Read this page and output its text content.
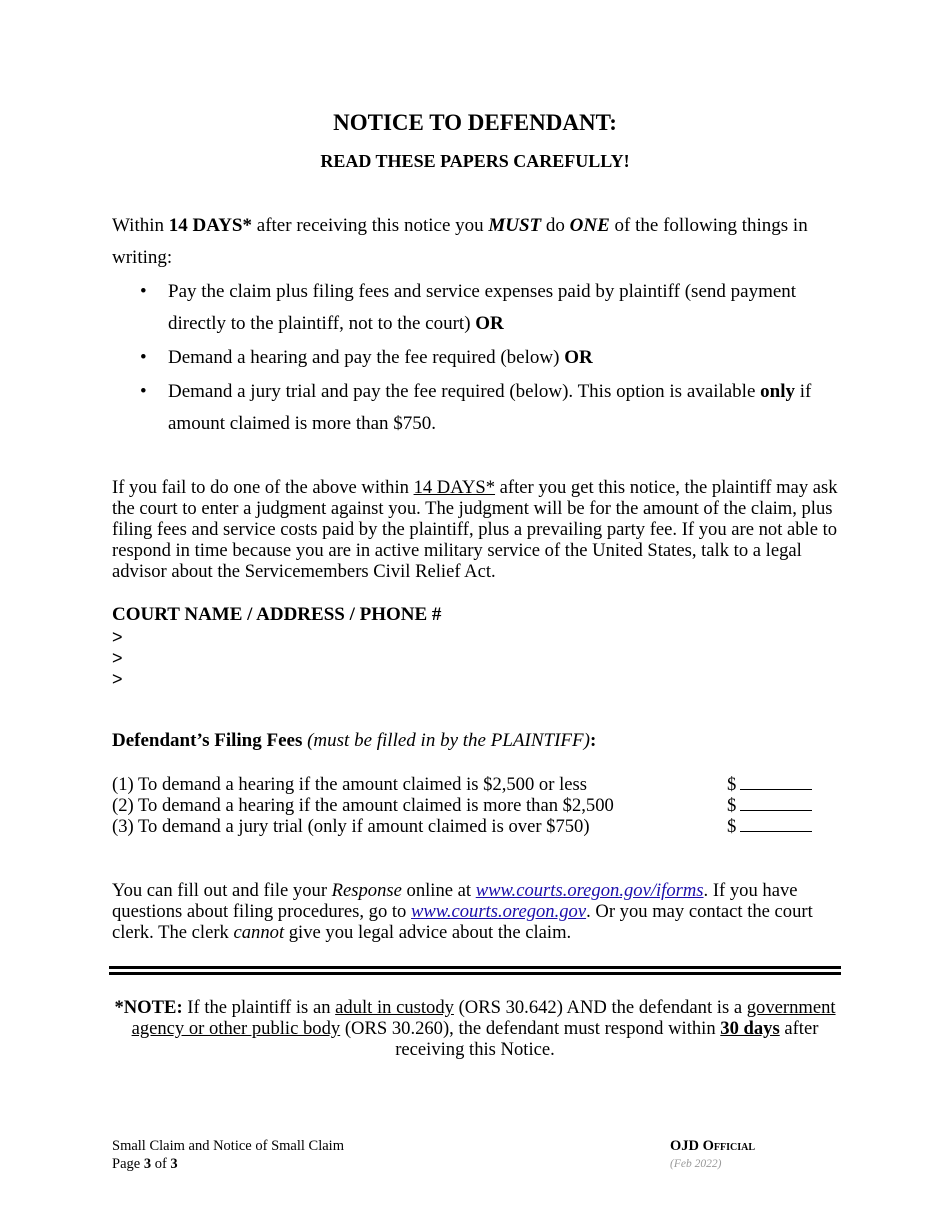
NOTICE TO DEFENDANT:
READ THESE PAPERS CAREFULLY!

Within 14 DAYS* after receiving this notice you MUST do ONE of the following things in writing:

• Pay the claim plus filing fees and service expenses paid by plaintiff (send payment directly to the plaintiff, not to the court) OR
• Demand a hearing and pay the fee required (below) OR
• Demand a jury trial and pay the fee required (below). This option is available only if amount claimed is more than $750.

If you fail to do one of the above within 14 DAYS* after you get this notice, the plaintiff may ask the court to enter a judgment against you. The judgment will be for the amount of the claim, plus filing fees and service costs paid by the plaintiff, plus a prevailing party fee. If you are not able to respond in time because you are in active military service of the United States, talk to a legal advisor about the Servicemembers Civil Relief Act.

COURT NAME / ADDRESS / PHONE #
>
>
>

Defendant’s Filing Fees (must be filled in by the PLAINTIFF):

(1) To demand a hearing if the amount claimed is $2,500 or less	$
(2) To demand a hearing if the amount claimed is more than $2,500	$
(3) To demand a jury trial (only if amount claimed is over $750)	$

You can fill out and file your Response online at www.courts.oregon.gov/iforms. If you have questions about filing procedures, go to www.courts.oregon.gov. Or you may contact the court clerk. The clerk cannot give you legal advice about the claim.

*NOTE: If the plaintiff is an adult in custody (ORS 30.642) AND the defendant is a government agency or other public body (ORS 30.260), the defendant must respond within 30 days after receiving this Notice.

Small Claim and Notice of Small Claim
Page 3 of 3
OJD Official
(Feb 2022)
